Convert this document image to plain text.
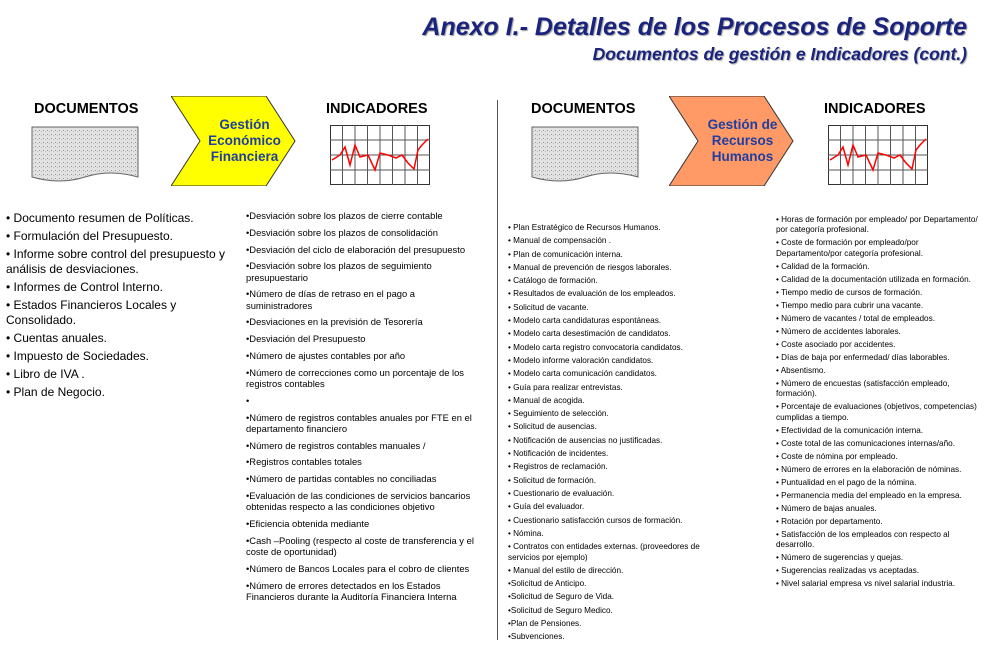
Anexo I.- Detalles de los Procesos de Soporte
Documentos de gestión e Indicadores (cont.)
DOCUMENTOS
Gestión
Económico
Financiera
INDICADORES
• Documento resumen de Políticas.
• Formulación del Presupuesto.
• Informe sobre control del presupuesto y análisis de desviaciones.
• Informes de Control Interno.
• Estados Financieros Locales y Consolidado.
• Cuentas anuales.
• Impuesto de Sociedades.
• Libro de IVA .
• Plan de Negocio.
• Desviación sobre los plazos de cierre contable
• Desviación sobre los plazos de consolidación
• Desviación del ciclo de elaboración del presupuesto
• Desviación sobre los plazos de seguimiento presupuestario
• Número de días de retraso en el pago a suministradores
• Desviaciones en la previsión de Tesorería
• Desviación del Presupuesto
• Número de ajustes contables por año
• Número de correcciones como un porcentaje de los registros contables
•
• Número de registros contables anuales por FTE en el departamento financiero
• Número de registros contables manuales /
• Registros contables totales
• Número de partidas contables no conciliadas
• Evaluación de las condiciones de servicios bancarios obtenidas respecto a las condiciones objetivo
• Eficiencia obtenida mediante
• Cash –Pooling (respecto al coste de transferencia y el coste de oportunidad)
• Número de Bancos Locales para el cobro de clientes
• Número de errores detectados en los Estados Financieros durante la Auditoría Financiera Interna
DOCUMENTOS
Gestión de
Recursos
Humanos
INDICADORES
• Plan Estratégico de Recursos Humanos.
• Manual de compensación .
• Plan de comunicación interna.
• Manual de prevención de riesgos laborales.
• Catálogo de formación.
• Resultados de evaluación de los empleados.
• Solicitud de vacante.
• Modelo carta candidaturas espontáneas.
• Modelo carta desestimación de candidatos.
• Modelo carta registro convocatoria candidatos.
• Modelo informe valoración candidatos.
• Modelo carta comunicación candidatos.
• Guía para realizar entrevistas.
• Manual de acogida.
• Seguimiento de selección.
• Solicitud de ausencias.
• Notificación de ausencias no justificadas.
• Notificación de incidentes.
• Registros de reclamación.
• Solicitud de formación.
• Cuestionario de evaluación.
• Guía del evaluador.
• Cuestionario satisfacción cursos de formación.
• Nómina.
• Contratos con entidades externas. (proveedores de servicios por ejemplo)
• Manual del estilo de dirección.
•Solicitud de Anticipo.
•Solicitud de Seguro de Vida.
•Solicitud de Seguro Medico.
•Plan de Pensiones.
•Subvenciones.
• Horas de formación por empleado/ por Departamento/ por categoría profesional.
• Coste de formación por empleado/por Departamento/por categoría profesional.
• Calidad de la formación.
• Calidad de la documentación utilizada en formación.
• Tiempo medio de cursos de formación.
• Tiempo medio para cubrir una vacante.
• Número de vacantes / total de empleados.
• Número de accidentes laborales.
• Coste asociado por accidentes.
• Días de baja por enfermedad/ días laborables.
• Absentismo.
• Número de encuestas (satisfacción empleado, formación).
• Porcentaje de evaluaciones (objetivos, competencias) cumplidas a tiempo.
• Efectividad de la comunicación interna.
• Coste total de las comunicaciones internas/año.
• Coste de nómina por empleado.
• Número de errores en la elaboración de nóminas.
• Puntualidad en el pago de la nómina.
• Permanencia media del empleado en la empresa.
• Número de bajas anuales.
• Rotación por departamento.
• Satisfacción de los empleados con respecto al desarrollo.
• Número de sugerencias y quejas.
• Sugerencias realizadas vs aceptadas.
• Nivel salarial empresa vs nivel salarial industria.
